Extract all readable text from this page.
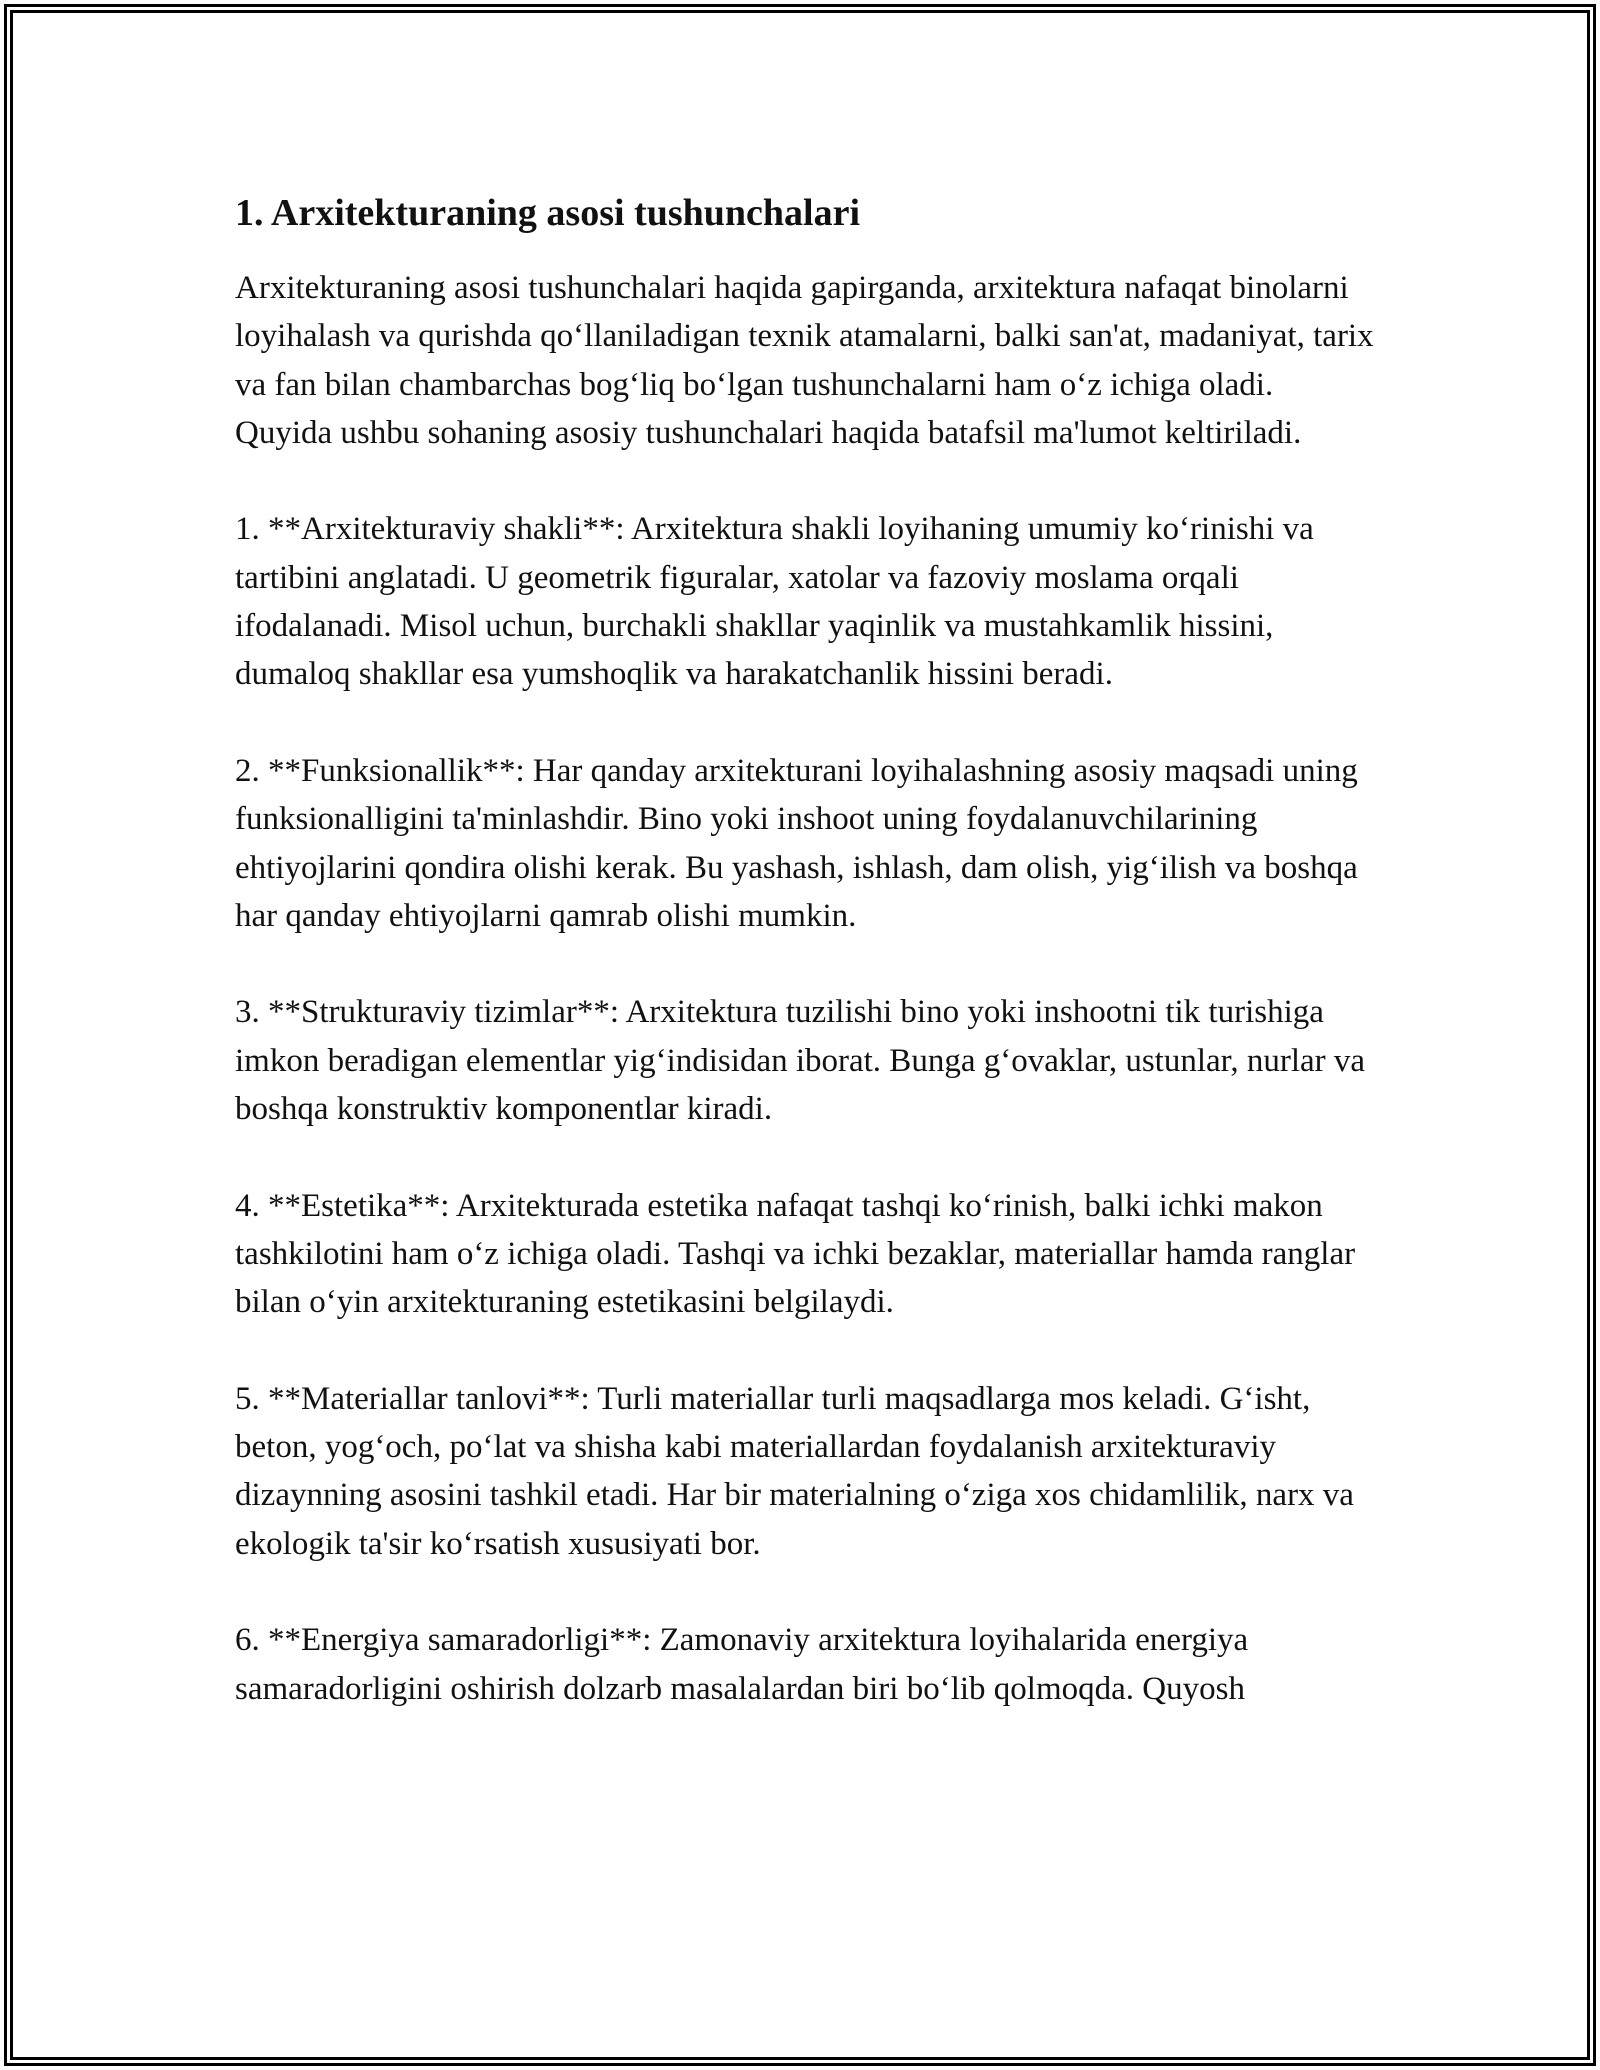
1. Arxitekturaning asosi tushunchalari

Arxitekturaning asosi tushunchalari haqida gapirganda, arxitektura nafaqat binolarni loyihalash va qurishda qo‘llaniladigan texnik atamalarni, balki san'at, madaniyat, tarix va fan bilan chambarchas bog‘liq bo‘lgan tushunchalarni ham o‘z ichiga oladi. Quyida ushbu sohaning asosiy tushunchalari haqida batafsil ma'lumot keltiriladi.

1. **Arxitekturaviy shakli**: Arxitektura shakli loyihaning umumiy ko‘rinishi va tartibini anglatadi. U geometrik figuralar, xatolar va fazoviy moslama orqali ifodalanadi. Misol uchun, burchakli shakllar yaqinlik va mustahkamlik hissini, dumaloq shakllar esa yumshoqlik va harakatchanlik hissini beradi.

2. **Funksionallik**: Har qanday arxitekturani loyihalashning asosiy maqsadi uning funksionalligini ta'minlashdir. Bino yoki inshoot uning foydalanuvchilarining ehtiyojlarini qondira olishi kerak. Bu yashash, ishlash, dam olish, yig‘ilish va boshqa har qanday ehtiyojlarni qamrab olishi mumkin.

3. **Strukturaviy tizimlar**: Arxitektura tuzilishi bino yoki inshootni tik turishiga imkon beradigan elementlar yig‘indisidan iborat. Bunga g‘ovaklar, ustunlar, nurlar va boshqa konstruktiv komponentlar kiradi.

4. **Estetika**: Arxitekturada estetika nafaqat tashqi ko‘rinish, balki ichki makon tashkilotini ham o‘z ichiga oladi. Tashqi va ichki bezaklar, materiallar hamda ranglar bilan o‘yin arxitekturaning estetikasini belgilaydi.

5. **Materiallar tanlovi**: Turli materiallar turli maqsadlarga mos keladi. G‘isht, beton, yog‘och, po‘lat va shisha kabi materiallardan foydalanish arxitekturaviy dizaynning asosini tashkil etadi. Har bir materialning o‘ziga xos chidamlilik, narx va ekologik ta'sir ko‘rsatish xususiyati bor.

6. **Energiya samaradorligi**: Zamonaviy arxitektura loyihalarida energiya samaradorligini oshirish dolzarb masalalardan biri bo‘lib qolmoqda. Quyosh
